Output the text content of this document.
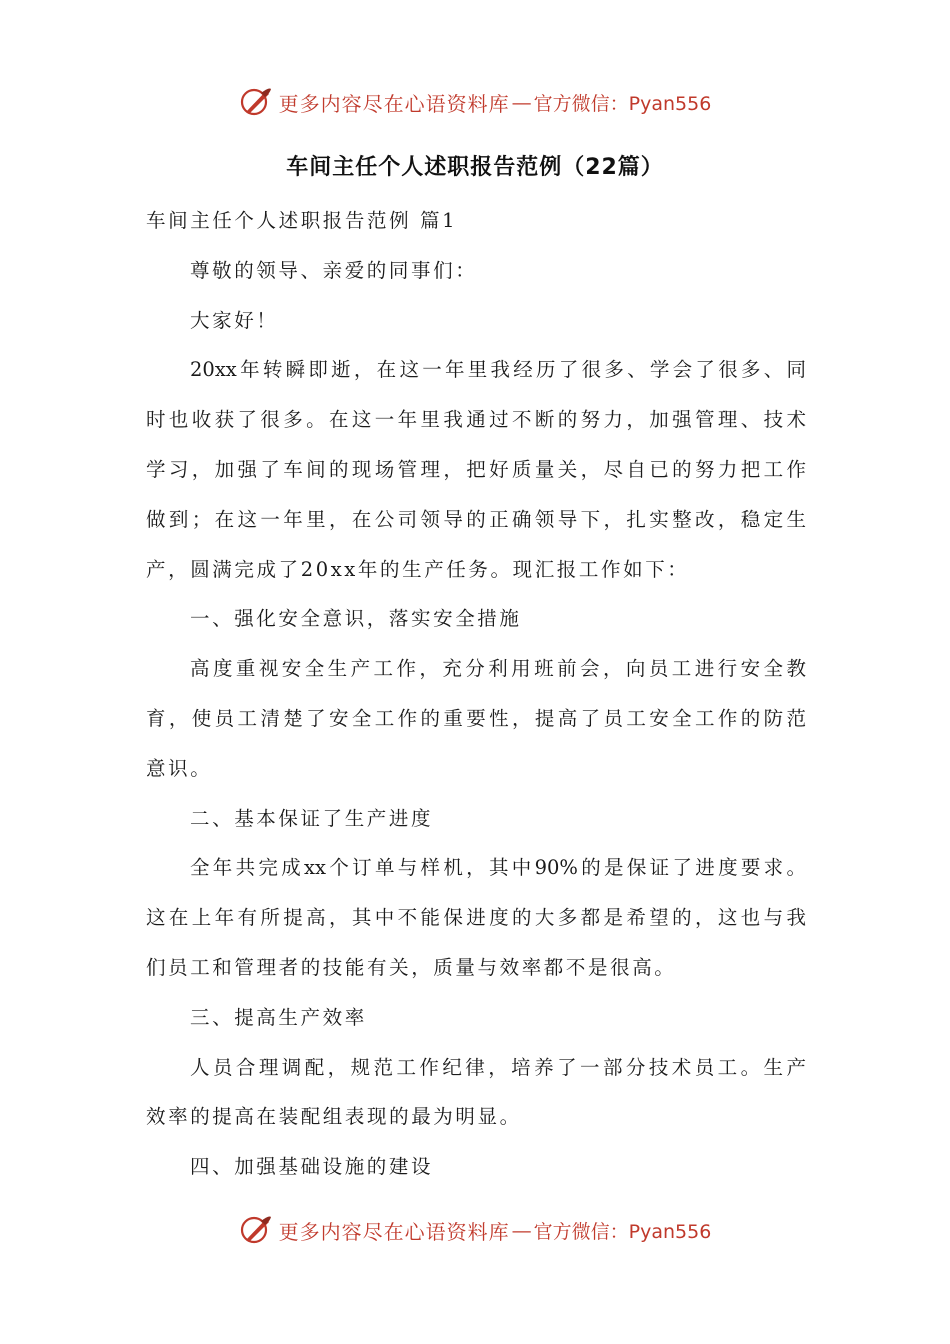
更多内容尽在心语资料库 — 官方微信：Pyan556
车间主任个人述职报告范例（22篇）
车间主任个人述职报告范例 篇1
尊敬的领导、亲爱的同事们：
大家好！
20xx年转瞬即逝，在这一年里我经历了很多、学会了很多、同
时也收获了很多。在这一年里我通过不断的努力，加强管理、技术
学习，加强了车间的现场管理，把好质量关，尽自已的努力把工作
做到；在这一年里，在公司领导的正确领导下，扎实整改，稳定生
产，圆满完成了20xx年的生产任务。现汇报工作如下：
一、强化安全意识，落实安全措施
高度重视安全生产工作，充分利用班前会，向员工进行安全教
育，使员工清楚了安全工作的重要性，提高了员工安全工作的防范
意识。
二、基本保证了生产进度
全年共完成xx个订单与样机，其中90%的是保证了进度要求。
这在上年有所提高，其中不能保进度的大多都是希望的，这也与我
们员工和管理者的技能有关，质量与效率都不是很高。
三、提高生产效率
人员合理调配，规范工作纪律，培养了一部分技术员工。生产
效率的提高在装配组表现的最为明显。
四、加强基础设施的建设
更多内容尽在心语资料库 — 官方微信：Pyan556
